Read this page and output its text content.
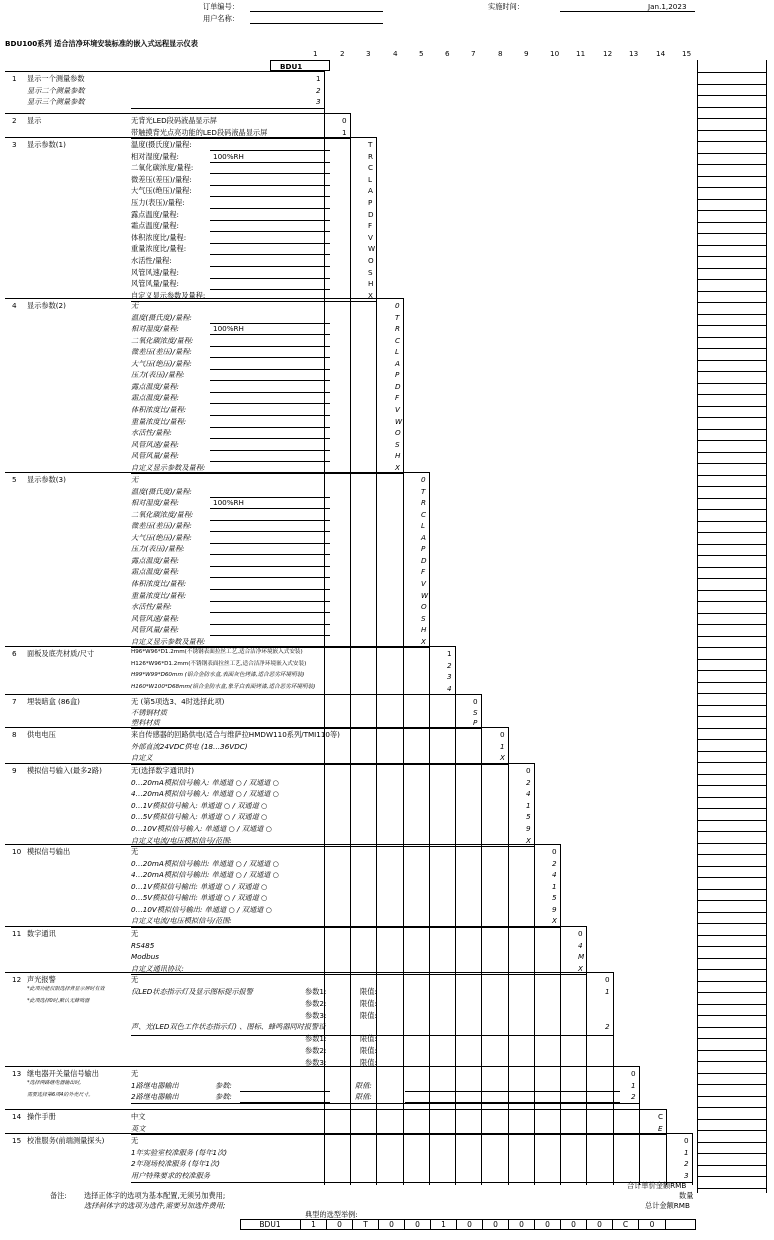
订单编号：
用户名称：
实施时间：	Jan.1,2023
BDU100系列 适合洁净环境安装标准的嵌入式远程显示仪表
1	2	3	4	5	6	7	8	9	10 11 12 13 14 15
BDU1
1 显示一个测量参数	1
显示二个测量参数	2
显示三个测量参数	3
2 显示	无背光LED段码液晶显示屏	0
带触摸背光点亮功能的LED段码液晶显示屏	1
3 显示参数(1)	温度(摄氏度)/量程:	T
相对湿度/量程:	100%RH	R
二氧化碳浓度/量程:	C
微差压(差压)/量程:	L
大气压(绝压)/量程:	A
压力(表压)/量程:	P
露点温度/量程:	D
霜点温度/量程:	F
体积浓度比/量程:	V
重量浓度比/量程:	W
水活性/量程:	O
风管风速/量程:	S
风管风量/量程:	H
自定义显示参数及量程:	X
4 显示参数(2)	无	0
温度(摄氏度)/量程:	T
相对湿度/量程:	100%RH	R
二氧化碳浓度/量程:	C
微差压(差压)/量程:	L
大气压(绝压)/量程:	A
压力(表压)/量程:	P
露点温度/量程:	D
霜点温度/量程:	F
体积浓度比/量程:	V
重量浓度比/量程:	W
水活性/量程:	O
风管风速/量程:	S
风管风量/量程:	H
自定义显示参数及量程:	X
5 显示参数(3)	无	0
温度(摄氏度)/量程:	T
相对湿度/量程:	100%RH	R
二氧化碳浓度/量程:	C
微差压(差压)/量程:	L
大气压(绝压)/量程:	A
压力(表压)/量程:	P
露点温度/量程:	D
霜点温度/量程:	F
体积浓度比/量程:	V
重量浓度比/量程:	W
水活性/量程:	O
风管风速/量程:	S
风管风量/量程:	H
自定义显示参数及量程:	X
6 面板及底壳材质/尺寸	H96*W96*D1.2mm(不锈钢表面拉丝工艺,适合洁净环境嵌入式安装)	1
H126*W96*D1.2mm(不锈钢表面拉丝工艺,适合洁净环境嵌入式安装)	2
H99*W99*D60mm (铝合金防水盒,表面灰色烤漆,适合恶劣环境明装)	3
H160*W100*D68mm(铝合金防水盒,象牙白表面烤漆,适合恶劣环境明装)	4
7 埋装暗盒 (86盒)	无 (第5项选3、4时选择此项)	0
不锈钢材质	S
塑料材质	P
8 供电电压	来自传感器的回路供电(适合与维萨拉HMDW110系列/TMI110等)	0
外部直流24VDC供电 (18…36VDC)	1
自定义	X
9 模拟信号输入(最多2路)	无(选择数字通讯时)	0
0…20mA模拟信号输入: 单通道 ○ / 双通道 ○	2
4…20mA模拟信号输入: 单通道 ○ / 双通道 ○	4
0…1V模拟信号输入: 单通道 ○ / 双通道 ○	1
0…5V模拟信号输入: 单通道 ○ / 双通道 ○	5
0…10V模拟信号输入: 单通道 ○ / 双通道 ○	9
自定义电流/电压模拟信号/范围:	X
10 模拟信号输出	无	0
0…20mA模拟信号输出: 单通道 ○ / 双通道 ○	2
4…20mA模拟信号输出: 单通道 ○ / 双通道 ○	4
0…1V模拟信号输出: 单通道 ○ / 双通道 ○	1
0…5V模拟信号输出: 单通道 ○ / 双通道 ○	5
0…10V模拟信号输出: 单通道 ○ / 双通道 ○	9
自定义电流/电压模拟信号/范围:	X
11 数字通讯	无	0
RS485	4
Modbus	M
自定义通讯协议:	X
12 声光报警
*此项功能仅限选择背显示屏时有效
*此项选择0时,默认无蜂鸣器
无	0
仅LED状态指示灯及显示图标提示报警	1
声、光(LED双色工作状态指示灯) 、图标、蜂鸣器同时报警设	2
13 继电器开关量信号输出
*选择两路继电器输出时,
需要选择第6项4的外壳尺寸。
无	0
1路继电器输出	1
2路继电器输出	2
14 操作手册	中文	C
英文	E
15 校准服务(前端测量探头)	无	0
1年实验室校准服务 (每年1次)	1
2年现场校准服务 (每年1次)	2
用户特殊要求的校准服务	3
参数1:	限值:
参数1:	限值:
参数2:	限值:
参数2:	限值:
参数3:	限值:
参数3:	限值:
参数:	限值:
参数:	限值:
合计单价金额RMB
数量
总计金额RMB
备注: 选择正体字的选项为基本配置,无须另加费用;
选择斜体字的选项为选件,需要另加选件费用;
典型的选型举例:
BDU1	1	0	T	0	0	1	0	0	0	0	0	0	C	0
